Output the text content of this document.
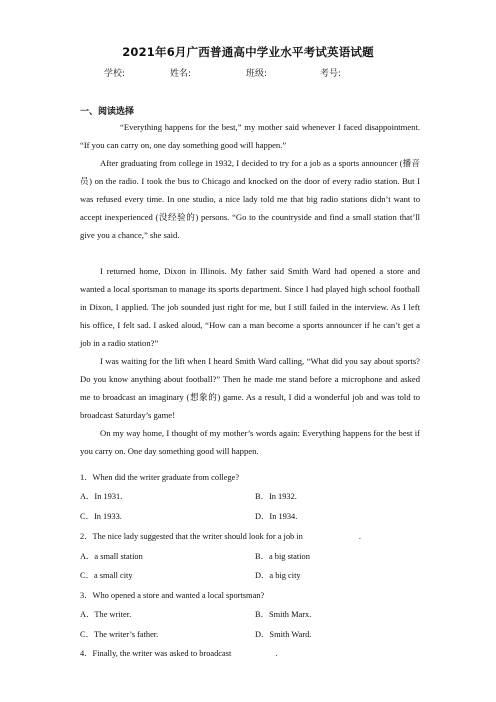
2021年6月广西普通高中学业水平考试英语试题
学校:	姓名:	班级:	考号:
一、阅读选择

“Everything happens for the best,” my mother said whenever I faced disappointment. “If you can carry on, one day something good will happen.”

After graduating from college in 1932, I decided to try for a job as a sports announcer (播音员) on the radio. I took the bus to Chicago and knocked on the door of every radio station. But I was refused every time. In one studio, a nice lady told me that big radio stations didn’t want to accept inexperienced (没经验的) persons. “Go to the countryside and find a small station that’ll give you a chance,” she said.

I returned home, Dixon in Illinois. My father said Smith Ward had opened a store and wanted a local sportsman to manage its sports department. Since I had played high school football in Dixon, I applied. The job sounded just right for me, but I still failed in the interview. As I left his office, I felt sad. I asked aloud, “How can a man become a sports announcer if he can’t get a job in a radio station?”

I was waiting for the lift when I heard Smith Ward calling, “What did you say about sports? Do you know anything about football?” Then he made me stand before a microphone and asked me to broadcast an imaginary (想象的) game. As a result, I did a wonderful job and was told to broadcast Saturday’s game!

On my way home, I thought of my mother’s words again: Everything happens for the best if you carry on. One day something good will happen.

1．When did the writer graduate from college?
A．In 1931.	B．In 1932.
C．In 1933.	D．In 1934.
2．The nice lady suggested that the writer should look for a job in	.
A．a small station	B．a big station
C．a small city	D．a big city
3．Who opened a store and wanted a local sportsman?
A．The writer.	B．Smith Marx.
C．The writer’s father.	D．Smith Ward.
4．Finally, the writer was asked to broadcast	.
